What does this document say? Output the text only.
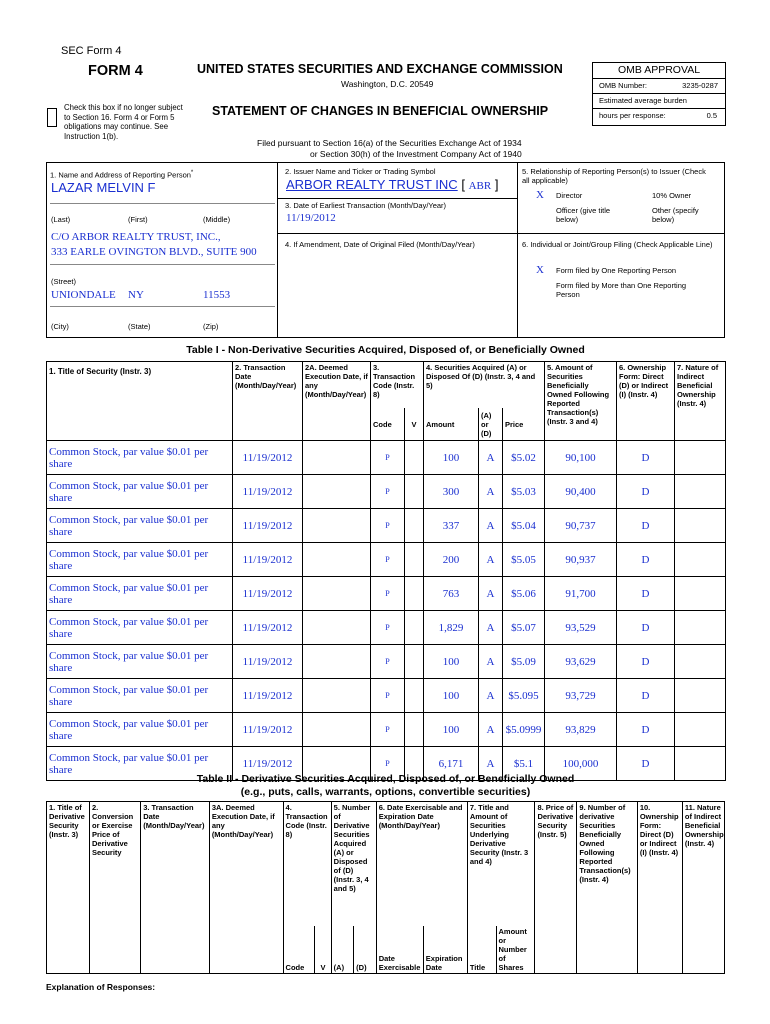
SEC Form 4
FORM 4	UNITED STATES SECURITIES AND EXCHANGE COMMISSION
Washington, D.C. 20549
Check this box if no longer subject to Section 16. Form 4 or Form 5 obligations may continue. See Instruction 1(b).
STATEMENT OF CHANGES IN BENEFICIAL OWNERSHIP
Filed pursuant to Section 16(a) of the Securities Exchange Act of 1934
or Section 30(h) of the Investment Company Act of 1940
OMB APPROVAL
OMB Number:	3235-0287
Estimated average burden
hours per response:	0.5
1. Name and Address of Reporting Person*
LAZAR MELVIN F
(Last)	(First)	(Middle)
C/O ARBOR REALTY TRUST, INC.,
333 EARLE OVINGTON BLVD., SUITE 900
(Street)
UNIONDALE NY	11553
(City)	(State)	(Zip)
2. Issuer Name and Ticker or Trading Symbol
ARBOR REALTY TRUST INC [ ABR ]
3. Date of Earliest Transaction (Month/Day/Year)
11/19/2012
4. If Amendment, Date of Original Filed (Month/Day/Year)
5. Relationship of Reporting Person(s) to Issuer (Check all applicable)
X Director	10% Owner
Officer (give title below)
Other (specify below)
6. Individual or Joint/Group Filing (Check Applicable Line)
X Form filed by One Reporting Person
Form filed by More than One Reporting Person
Table I - Non-Derivative Securities Acquired, Disposed of, or Beneficially Owned
1. Title of Security (Instr. 3)	2. Transaction Date (Month/Day/Year)	2A. Deemed Execution Date, if any (Month/Day/Year)	3. Transaction Code (Instr. 8)		4. Securities Acquired (A) or Disposed Of (D) (Instr. 3, 4 and 5)			5. Amount of Securities Beneficially Owned Following Reported Transaction(s) (Instr. 3 and 4)	6. Ownership Form: Direct (D) or Indirect (I) (Instr. 4)	7. Nature of Indirect Beneficial Ownership (Instr. 4)
			Code	V	Amount	(A) or (D)	Price			
Common Stock, par value $0.01 per share	11/19/2012		P		100	A	$5.02	90,100	D	
Common Stock, par value $0.01 per share	11/19/2012		P		300	A	$5.03	90,400	D	
Common Stock, par value $0.01 per share	11/19/2012		P		337	A	$5.04	90,737	D	
Common Stock, par value $0.01 per share	11/19/2012		P		200	A	$5.05	90,937	D	
Common Stock, par value $0.01 per share	11/19/2012		P		763	A	$5.06	91,700	D	
Common Stock, par value $0.01 per share	11/19/2012		P		1,829	A	$5.07	93,529	D	
Common Stock, par value $0.01 per share	11/19/2012		P		100	A	$5.09	93,629	D	
Common Stock, par value $0.01 per share	11/19/2012		P		100	A	$5.095	93,729	D	
Common Stock, par value $0.01 per share	11/19/2012		P		100	A	$5.0999	93,829	D	
Common Stock, par value $0.01 per share	11/19/2012		P		6,171	A	$5.1	100,000	D	
Table II - Derivative Securities Acquired, Disposed of, or Beneficially Owned
(e.g., puts, calls, warrants, options, convertible securities)
1. Title of Derivative Security (Instr. 3)	2. Conversion or Exercise Price of Derivative Security	3. Transaction Date (Month/Day/Year)	3A. Deemed Execution Date, if any (Month/Day/Year)	4. Transaction Code (Instr. 8)		5. Number of Derivative Securities Acquired (A) or Disposed of (D) (Instr. 3, 4 and 5)		6. Date Exercisable and Expiration Date (Month/Day/Year)		7. Title and Amount of Securities Underlying Derivative Security (Instr. 3 and 4)		8. Price of Derivative Security (Instr. 5)	9. Number of derivative Securities Beneficially Owned Following Reported Transaction(s) (Instr. 4)	10. Ownership Form: Direct (D) or Indirect (I) (Instr. 4)	11. Nature of Indirect Beneficial Ownership (Instr. 4)
				Code	V	(A)	(D)	Date Exercisable	Expiration Date	Title	Amount or Number of Shares				
Explanation of Responses:
